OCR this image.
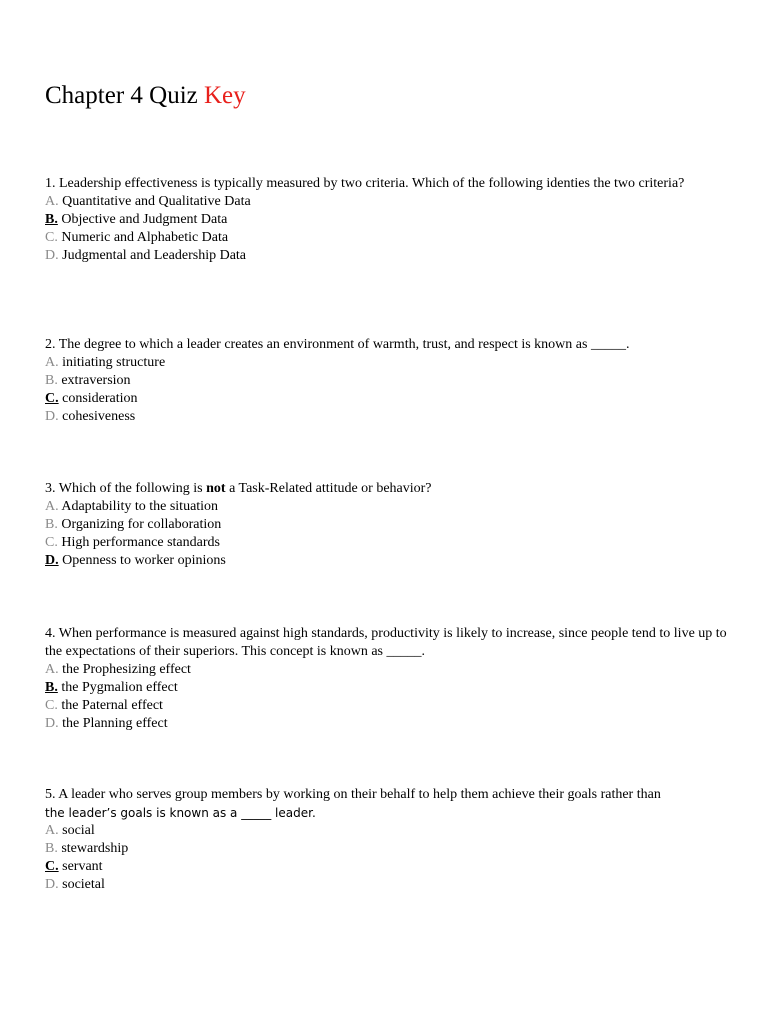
Chapter 4 Quiz Key

1. Leadership effectiveness is typically measured by two criteria. Which of the following identies the two criteria?

A. Quantitative and Qualitative Data

B. Objective and Judgment Data

C. Numeric and Alphabetic Data

D. Judgmental and Leadership Data

2. The degree to which a leader creates an environment of warmth, trust, and respect is known as _____.

A. initiating structure

B. extraversion

C. consideration

D. cohesiveness

3. Which of the following is not a Task-Related attitude or behavior?

A. Adaptability to the situation

B. Organizing for collaboration

C. High performance standards

D. Openness to worker opinions

4. When performance is measured against high standards, productivity is likely to increase, since people tend to live up to the expectations of their superiors. This concept is known as _____.

A. the Prophesizing effect

B. the Pygmalion effect

C. the Paternal effect

D. the Planning effect

5. A leader who serves group members by working on their behalf to help them achieve their goals rather than

the leader’s goals is known as a _____ leader.

A. social

B. stewardship

C. servant

D. societal
